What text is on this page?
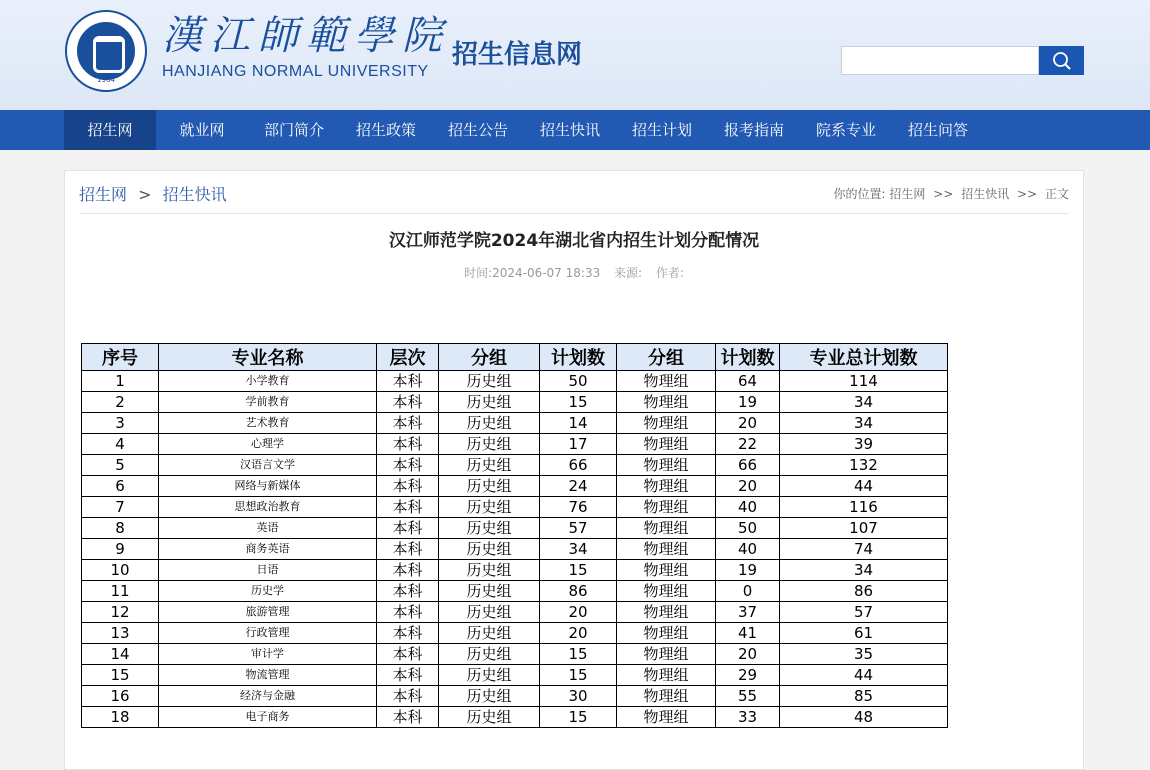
1904
漢江師範學院
HANJIANG NORMAL UNIVERSITY
招生信息网
招生网	就业网	部门简介	招生政策	招生公告	招生快讯	招生计划	报考指南	院系专业	招生问答
招生网 > 招生快讯	你的位置: 招生网 >> 招生快讯 >> 正文
汉江师范学院2024年湖北省内招生计划分配情况
时间:2024-06-07 18:33 来源: 作者:
序号	专业名称	层次	分组	计划数	分组	计划数	专业总计划数
1	小学教育	本科	历史组	50	物理组	64	114
2	学前教育	本科	历史组	15	物理组	19	34
3	艺术教育	本科	历史组	14	物理组	20	34
4	心理学	本科	历史组	17	物理组	22	39
5	汉语言文学	本科	历史组	66	物理组	66	132
6	网络与新媒体	本科	历史组	24	物理组	20	44
7	思想政治教育	本科	历史组	76	物理组	40	116
8	英语	本科	历史组	57	物理组	50	107
9	商务英语	本科	历史组	34	物理组	40	74
10	日语	本科	历史组	15	物理组	19	34
11	历史学	本科	历史组	86	物理组	0	86
12	旅游管理	本科	历史组	20	物理组	37	57
13	行政管理	本科	历史组	20	物理组	41	61
14	审计学	本科	历史组	15	物理组	20	35
15	物流管理	本科	历史组	15	物理组	29	44
16	经济与金融	本科	历史组	30	物理组	55	85
18	电子商务	本科	历史组	15	物理组	33	48
